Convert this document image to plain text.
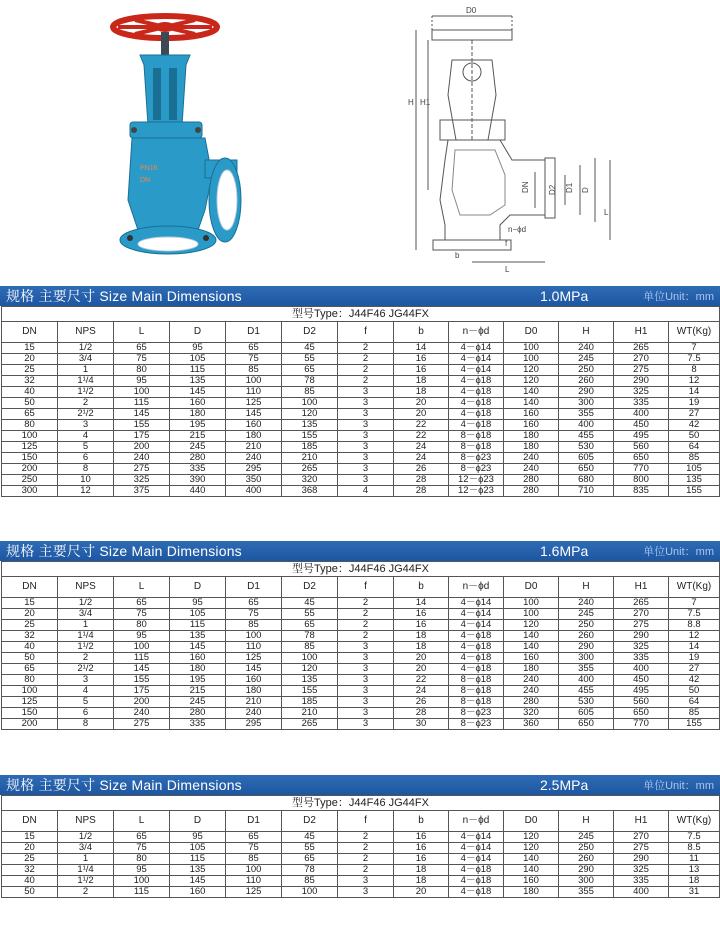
PN16
DN
D0
H H1
D2 D1 D
DN
L
n−ϕd
f
b
L
规格 主要尺寸 Size Main Dimensions	1.0MPa	单位Unit：mm
型号Type：J44F46 JG44FX												
DN	NPS	L	D	D1	D2	f	b	n－ϕd	D0	H	H1	WT(Kg)
15	1/2	65	95	65	45	2	14	4－ϕ14	100	240	265	7
20	3/4	75	105	75	55	2	16	4－ϕ14	100	245	270	7.5
25	1	80	115	85	65	2	16	4－ϕ14	120	250	275	8
32	1¹/4	95	135	100	78	2	18	4－ϕ18	120	260	290	12
40	1¹/2	100	145	110	85	3	18	4－ϕ18	140	290	325	14
50	2	115	160	125	100	3	20	4－ϕ18	140	300	335	19
65	2¹/2	145	180	145	120	3	20	4－ϕ18	160	355	400	27
80	3	155	195	160	135	3	22	4－ϕ18	160	400	450	42
100	4	175	215	180	155	3	22	8－ϕ18	180	455	495	50
125	5	200	245	210	185	3	24	8－ϕ18	180	530	560	64
150	6	240	280	240	210	3	24	8－ϕ23	240	605	650	85
200	8	275	335	295	265	3	26	8－ϕ23	240	650	770	105
250	10	325	390	350	320	3	28	12－ϕ23	280	680	800	135
300	12	375	440	400	368	4	28	12－ϕ23	280	710	835	155
规格 主要尺寸 Size Main Dimensions	1.6MPa	单位Unit：mm
型号Type：J44F46 JG44FX												
DN	NPS	L	D	D1	D2	f	b	n－ϕd	D0	H	H1	WT(Kg)
15	1/2	65	95	65	45	2	14	4－ϕ14	100	240	265	7
20	3/4	75	105	75	55	2	16	4－ϕ14	100	245	270	7.5
25	1	80	115	85	65	2	16	4－ϕ14	120	250	275	8.8
32	1¹/4	95	135	100	78	2	18	4－ϕ18	140	260	290	12
40	1¹/2	100	145	110	85	3	18	4－ϕ18	140	290	325	14
50	2	115	160	125	100	3	20	4－ϕ18	160	300	335	19
65	2¹/2	145	180	145	120	3	20	4－ϕ18	180	355	400	27
80	3	155	195	160	135	3	22	8－ϕ18	240	400	450	42
100	4	175	215	180	155	3	24	8－ϕ18	240	455	495	50
125	5	200	245	210	185	3	26	8－ϕ18	280	530	560	64
150	6	240	280	240	210	3	28	8－ϕ23	320	605	650	85
200	8	275	335	295	265	3	30	8－ϕ23	360	650	770	155
规格 主要尺寸 Size Main Dimensions	2.5MPa	单位Unit：mm
型号Type：J44F46 JG44FX												
DN	NPS	L	D	D1	D2	f	b	n－ϕd	D0	H	H1	WT(Kg)
15	1/2	65	95	65	45	2	16	4－ϕ14	120	245	270	7.5
20	3/4	75	105	75	55	2	16	4－ϕ14	120	250	275	8.5
25	1	80	115	85	65	2	16	4－ϕ14	140	260	290	11
32	1¹/4	95	135	100	78	2	18	4－ϕ18	140	290	325	13
40	1¹/2	100	145	110	85	3	18	4－ϕ18	160	300	335	18
50	2	115	160	125	100	3	20	4－ϕ18	180	355	400	31
